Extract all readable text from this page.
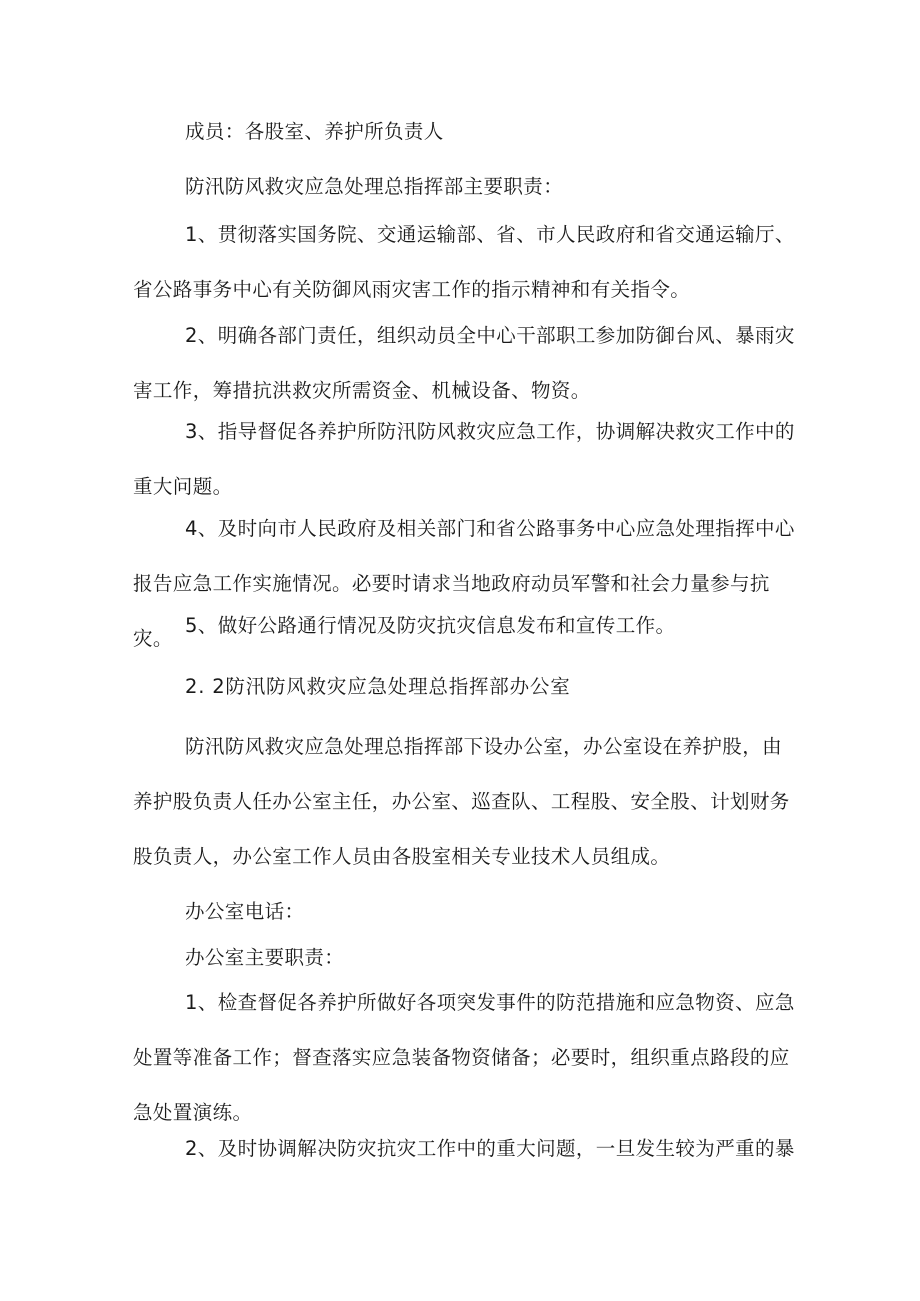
成员：各股室、养护所负责人

防汛防风救灾应急处理总指挥部主要职责：

1、贯彻落实国务院、交通运输部、省、市人民政府和省交通运输厅、省公路事务中心有关防御风雨灾害工作的指示精神和有关指令。

2、明确各部门责任，组织动员全中心干部职工参加防御台风、暴雨灾害工作，筹措抗洪救灾所需资金、机械设备、物资。

3、指导督促各养护所防汛防风救灾应急工作，协调解决救灾工作中的重大问题。

4、及时向市人民政府及相关部门和省公路事务中心应急处理指挥中心报告应急工作实施情况。必要时请求当地政府动员军警和社会力量参与抗灾。

5、做好公路通行情况及防灾抗灾信息发布和宣传工作。

2. 2防汛防风救灾应急处理总指挥部办公室

防汛防风救灾应急处理总指挥部下设办公室，办公室设在养护股，由养护股负责人任办公室主任，办公室、巡查队、工程股、安全股、计划财务股负责人，办公室工作人员由各股室相关专业技术人员组成。

办公室电话：

办公室主要职责：

1、检查督促各养护所做好各项突发事件的防范措施和应急物资、应急处置等准备工作；督查落实应急装备物资储备；必要时，组织重点路段的应急处置演练。

2、及时协调解决防灾抗灾工作中的重大问题，一旦发生较为严重的暴
